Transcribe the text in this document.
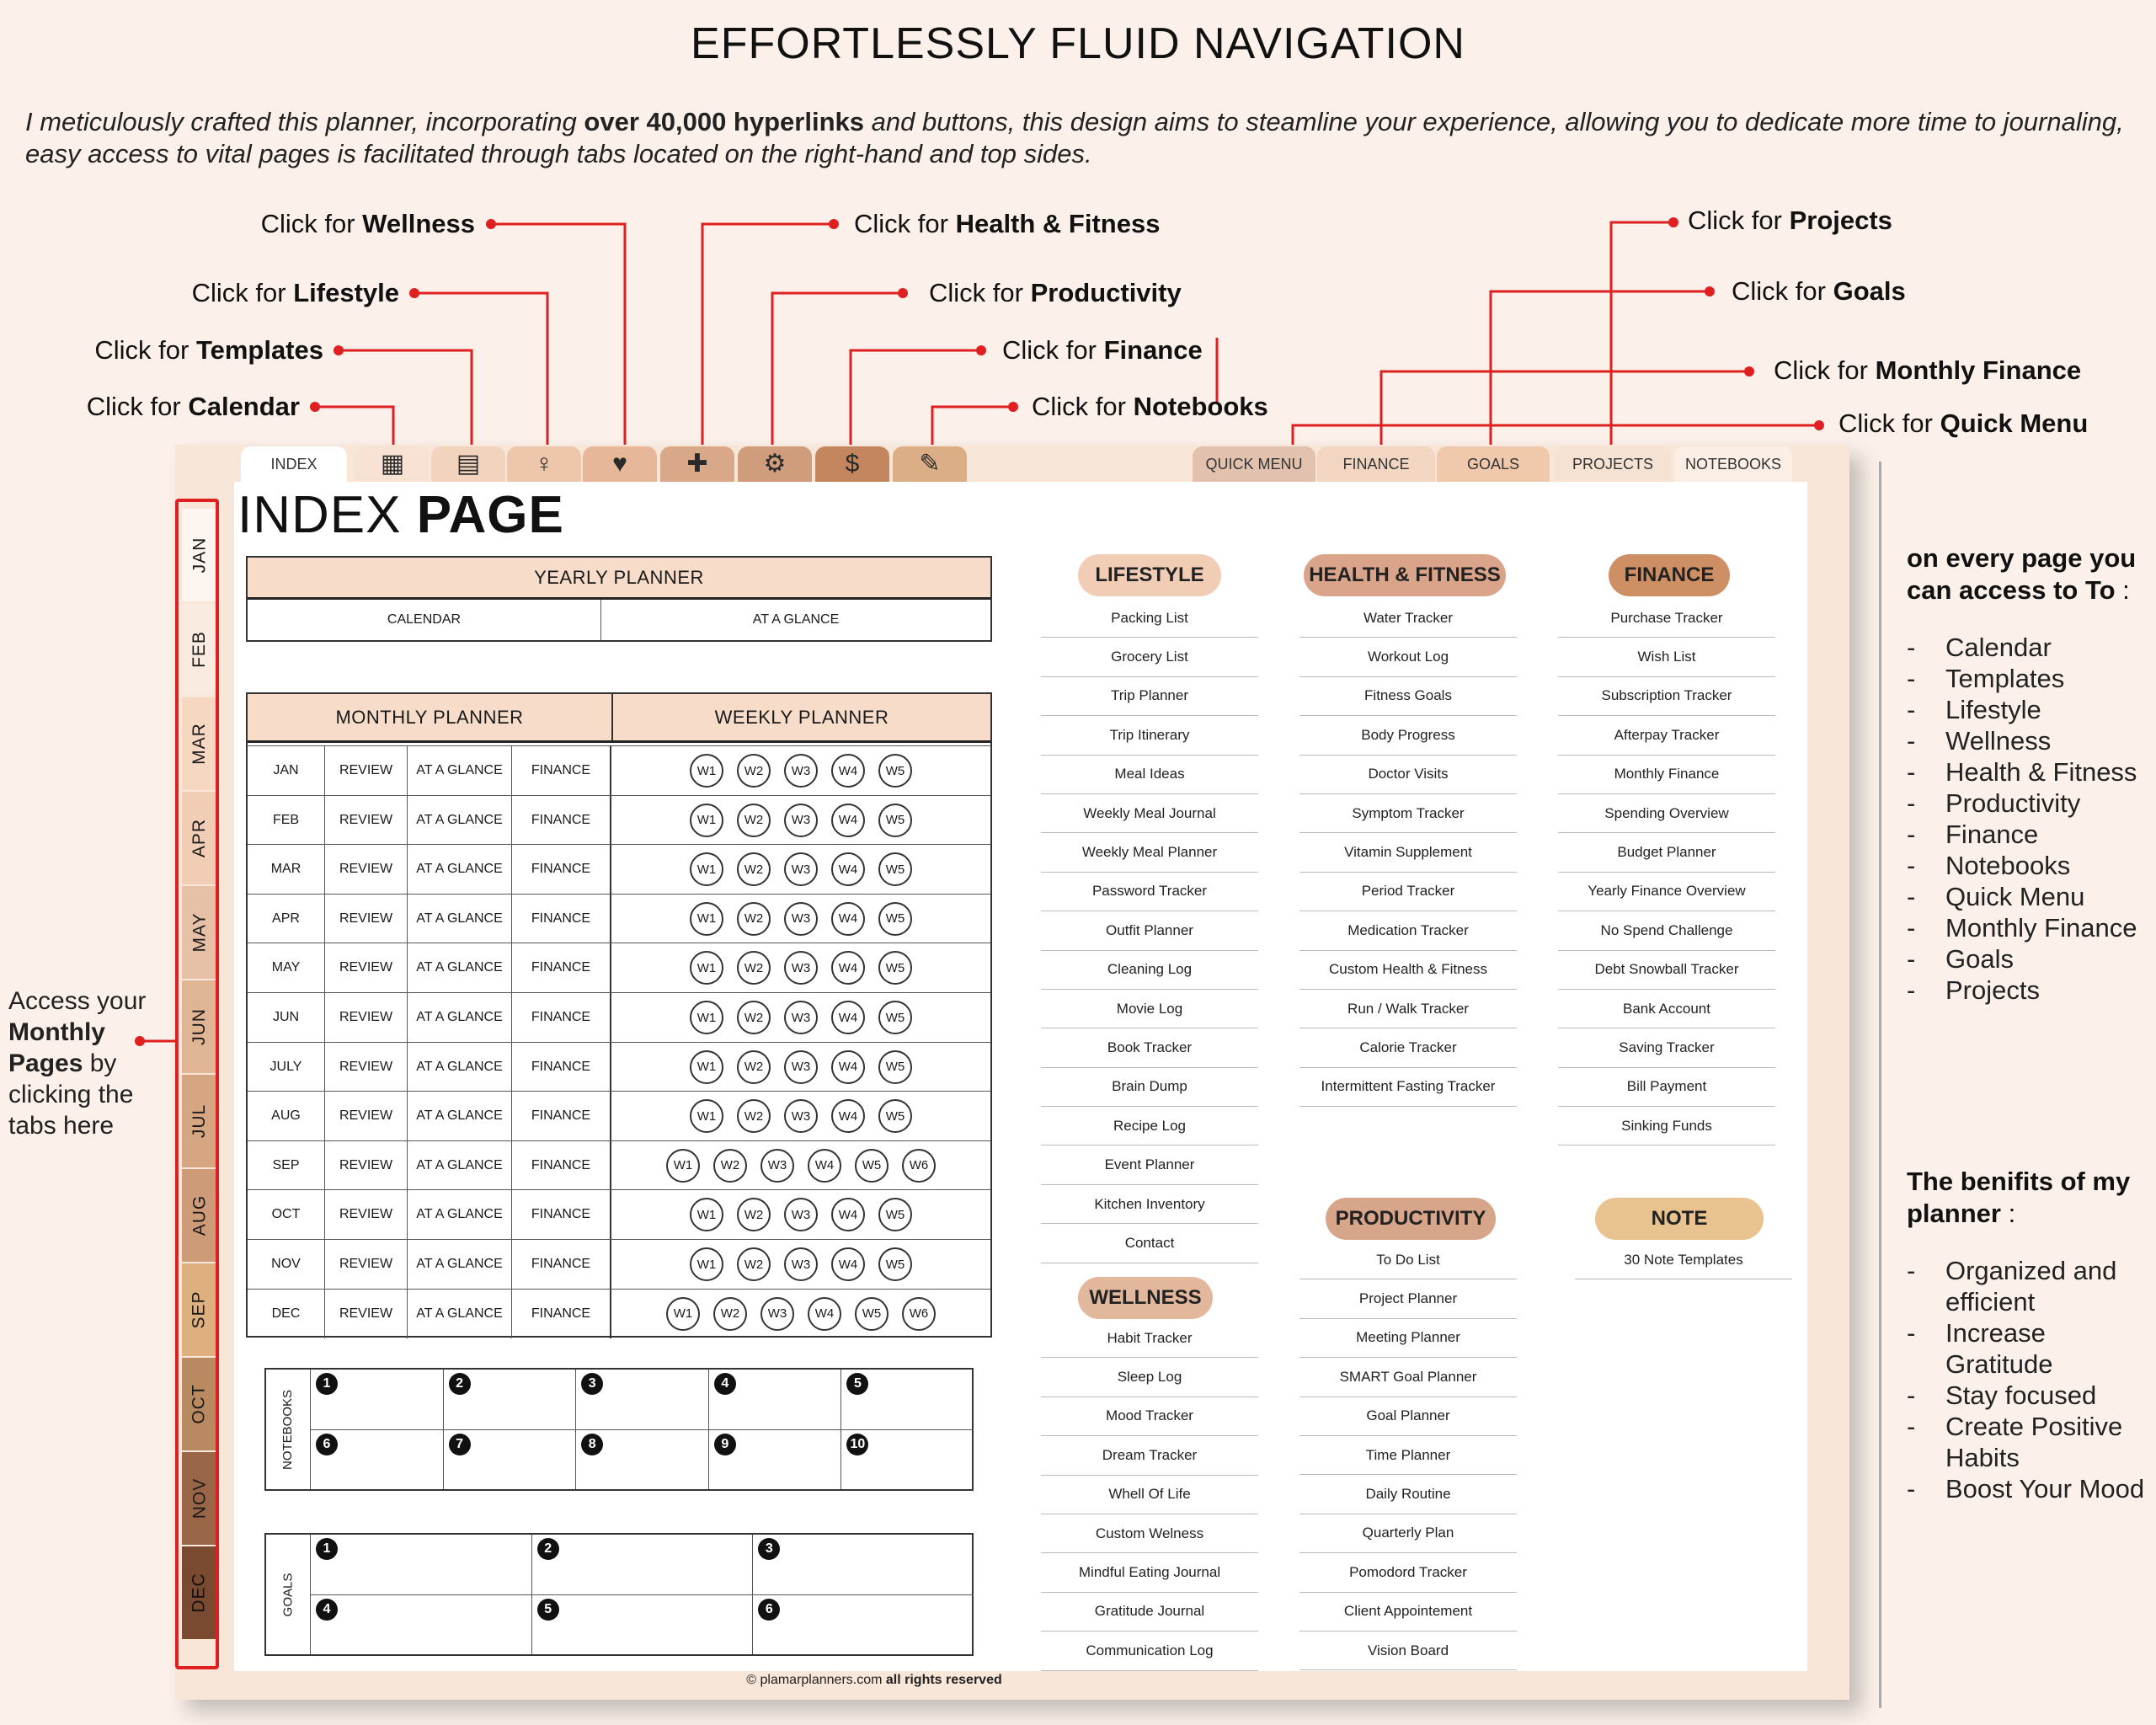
EFFORTLESSLY FLUID NAVIGATION
I meticulously crafted this planner, incorporating over 40,000 hyperlinks and buttons, this design aims to steamline your experience, allowing you to dedicate more time to journaling, easy access to vital pages is facilitated through tabs located on the right-hand and top sides.
Click for Wellness
Click for Lifestyle
Click for Templates
Click for Calendar
Click for Health & Fitness
Click for Productivity
Click for Finance
Click for Notebooks
Click for Projects
Click for Goals
Click for Monthly Finance
Click for Quick Menu
Access your
Monthly
Pages by
clicking the
tabs here
INDEX	▦ ▤ ♀ ♥ ✚ ⚙ $ ✎	QUICK MENU	FINANCE	GOALS	PROJECTS NOTEBOOKS
JAN
FEB
MAR
APR
MAY
JUN
JUL
AUG
SEP
OCT
NOV
DEC
INDEX PAGE
YEARLY PLANNER
CALENDAR	AT A GLANCE
MONTHLY PLANNER	WEEKLY PLANNER
JAN	REVIEW	AT A GLANCE	FINANCE	W1	W2	W3	W4	W5
FEB	REVIEW	AT A GLANCE	FINANCE	W1	W2	W3	W4	W5
MAR	REVIEW	AT A GLANCE	FINANCE	W1	W2	W3	W4	W5
APR	REVIEW	AT A GLANCE	FINANCE	W1	W2	W3	W4	W5
MAY	REVIEW	AT A GLANCE	FINANCE	W1	W2	W3	W4	W5
JUN	REVIEW	AT A GLANCE	FINANCE	W1	W2	W3	W4	W5
JULY	REVIEW	AT A GLANCE	FINANCE	W1	W2	W3	W4	W5
AUG	REVIEW	AT A GLANCE	FINANCE	W1	W2	W3	W4	W5
SEP	REVIEW	AT A GLANCE	FINANCE	W1	W2	W3	W4	W5	W6
OCT	REVIEW	AT A GLANCE	FINANCE	W1	W2	W3	W4	W5
NOV	REVIEW	AT A GLANCE	FINANCE	W1	W2	W3	W4	W5
DEC	REVIEW	AT A GLANCE	FINANCE	W1	W2	W3	W4	W5	W6
NOTEBOOKS
1	2	3	4	5
6	7	8	9	10
GOALS
1	2	3
4	5	6
LIFESTYLE
Packing List
Grocery List
Trip Planner
Trip Itinerary
Meal Ideas
Weekly Meal Journal
Weekly Meal Planner
Password Tracker
Outfit Planner
Cleaning Log
Movie Log
Book Tracker
Brain Dump
Recipe Log
Event Planner
Kitchen Inventory
Contact
WELLNESS
Habit Tracker
Sleep Log
Mood Tracker
Dream Tracker
Whell Of Life
Custom Welness
Mindful Eating Journal
Gratitude Journal
Communication Log
HEALTH & FITNESS
Water Tracker
Workout Log
Fitness Goals
Body Progress
Doctor Visits
Symptom Tracker
Vitamin Supplement
Period Tracker
Medication Tracker
Custom Health & Fitness
Run / Walk Tracker
Calorie Tracker
Intermittent Fasting Tracker
PRODUCTIVITY
To Do List
Project Planner
Meeting Planner
SMART Goal Planner
Goal Planner
Time Planner
Daily Routine
Quarterly Plan
Pomodord Tracker
Client Appointement
Vision Board
FINANCE
Purchase Tracker
Wish List
Subscription Tracker
Afterpay Tracker
Monthly Finance
Spending Overview
Budget Planner
Yearly Finance Overview
No Spend Challenge
Debt Snowball Tracker
Bank Account
Saving Tracker
Bill Payment
Sinking Funds
NOTE
30 Note Templates
© plamarplanners.com all rights reserved
on every page you
can access to To :
- Calendar
- Templates
- Lifestyle
- Wellness
- Health & Fitness
- Productivity
- Finance
- Notebooks
- Quick Menu
- Monthly Finance
- Goals
- Projects
The benifits of my
planner :
- Organized and efficient
- Increase Gratitude
- Stay focused
- Create Positive Habits
- Boost Your Mood
